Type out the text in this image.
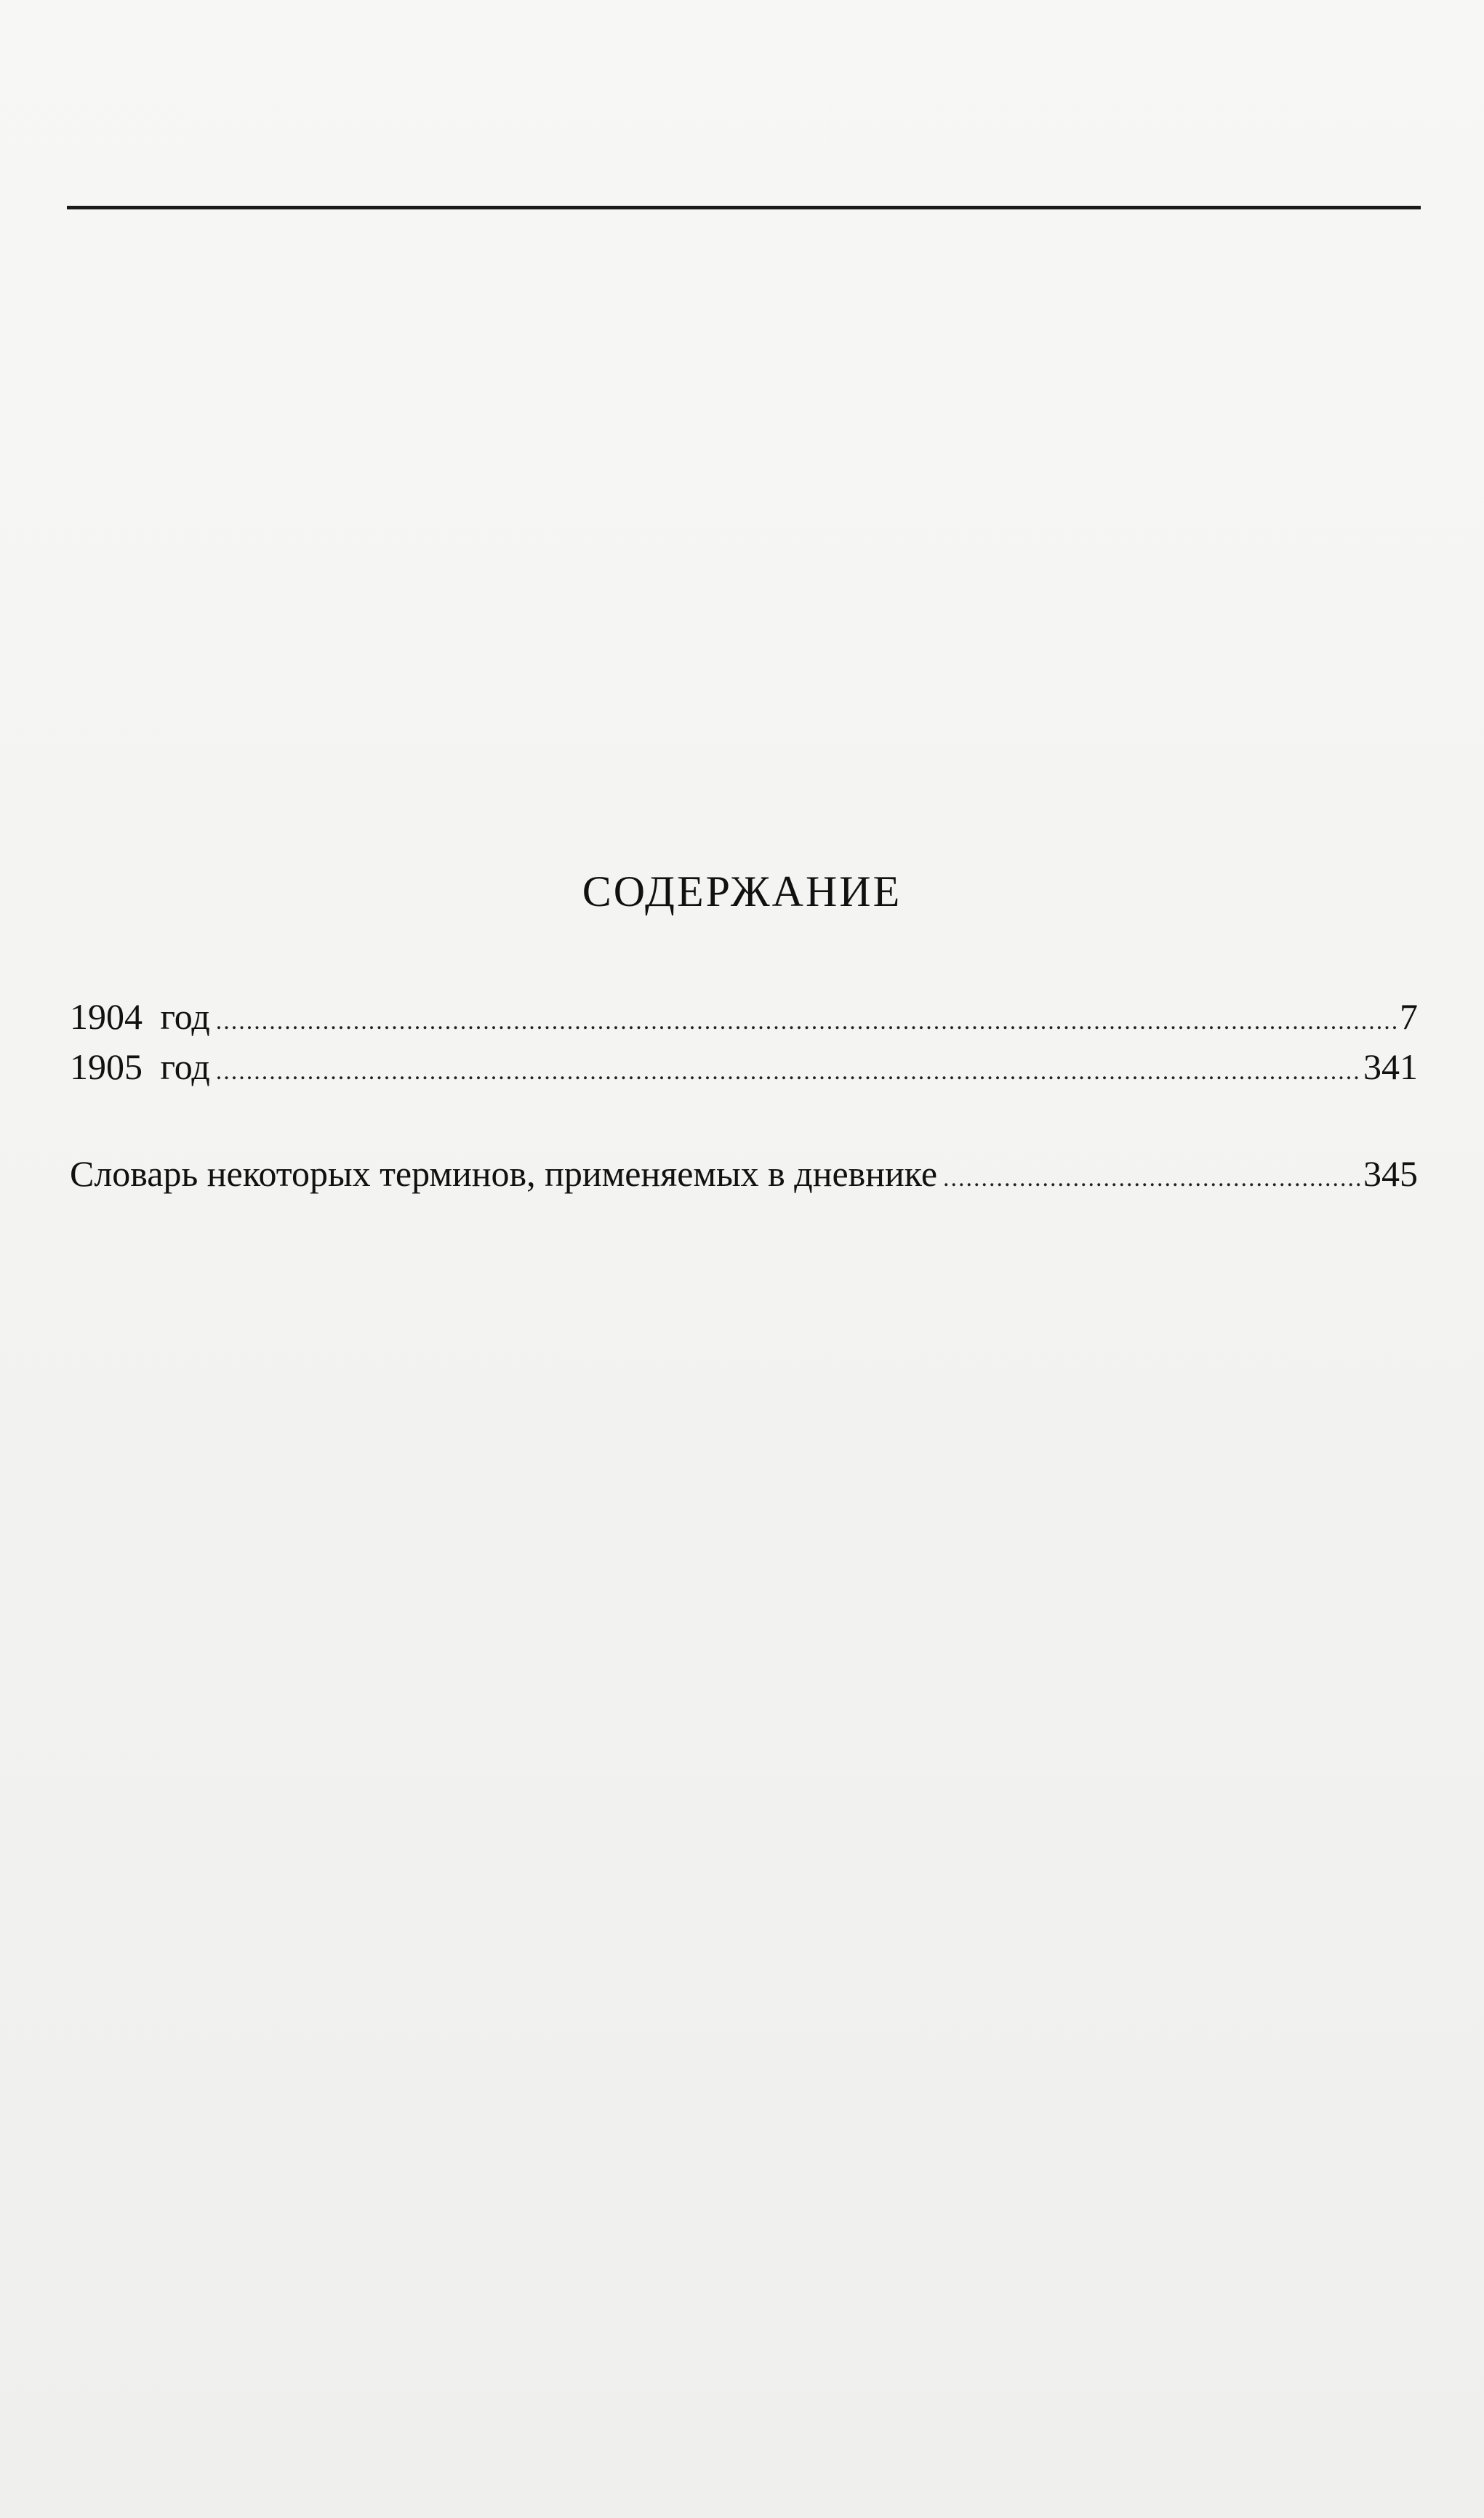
СОДЕРЖАНИЕ
1904 год .....	7
1905 год .....	341
Словарь некоторых терминов, применяемых в дневнике .....	345
